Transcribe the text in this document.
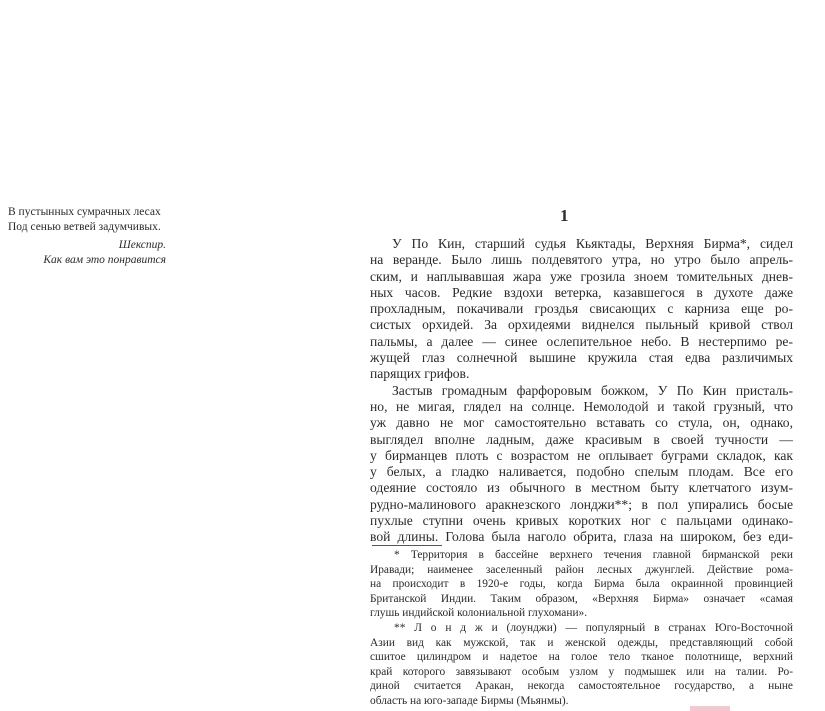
В пустынных сумрачных лесах
Под сенью ветвей задумчивых.
Шекспир.
Как вам это понравится
1
У По Кин, старший судья Кьяктады, Верхняя Бирма*, сидел
на веранде. Было лишь полдевятого утра, но утро было апрель-
ским, и наплывавшая жара уже грозила зноем томительных днев-
ных часов. Редкие вздохи ветерка, казавшегося в духоте даже
прохладным, покачивали гроздья свисающих с карниза еще ро-
систых орхидей. За орхидеями виднелся пыльный кривой ствол
пальмы, а далее — синее ослепительное небо. В нестерпимо ре-
жущей глаз солнечной вышине кружила стая едва различимых
парящих грифов.
Застыв громадным фарфоровым божком, У По Кин присталь-
но, не мигая, глядел на солнце. Немолодой и такой грузный, что
уж давно не мог самостоятельно вставать со стула, он, однако,
выглядел вполне ладным, даже красивым в своей тучности —
у бирманцев плоть с возрастом не оплывает буграми складок, как
у белых, а гладко наливается, подобно спелым плодам. Все его
одеяние состояло из обычного в местном быту клетчатого изум-
рудно-малинового аракнезского лонджи**; в пол упирались босые
пухлые ступни очень кривых коротких ног с пальцами одинако-
вой длины. Голова была наголо обрита, глаза на широком, без еди-
* Территория в бассейне верхнего течения главной бирманской реки
Иравади; наименее заселенный район лесных джунглей. Действие рома-
на происходит в 1920-е годы, когда Бирма была окраинной провинцией
Британской Индии. Таким образом, «Верхняя Бирма» означает «самая
глушь индийской колониальной глухомани».
** Л о н д ж и (лоунджи) — популярный в странах Юго-Восточной
Азии вид как мужской, так и женской одежды, представляющий собой
сшитое цилиндром и надетое на голое тело тканое полотнище, верхний
край которого завязывают особым узлом у подмышек или на талии. Ро-
диной считается Аракан, некогда самостоятельное государство, а ныне
область на юго-западе Бирмы (Мьянмы).
